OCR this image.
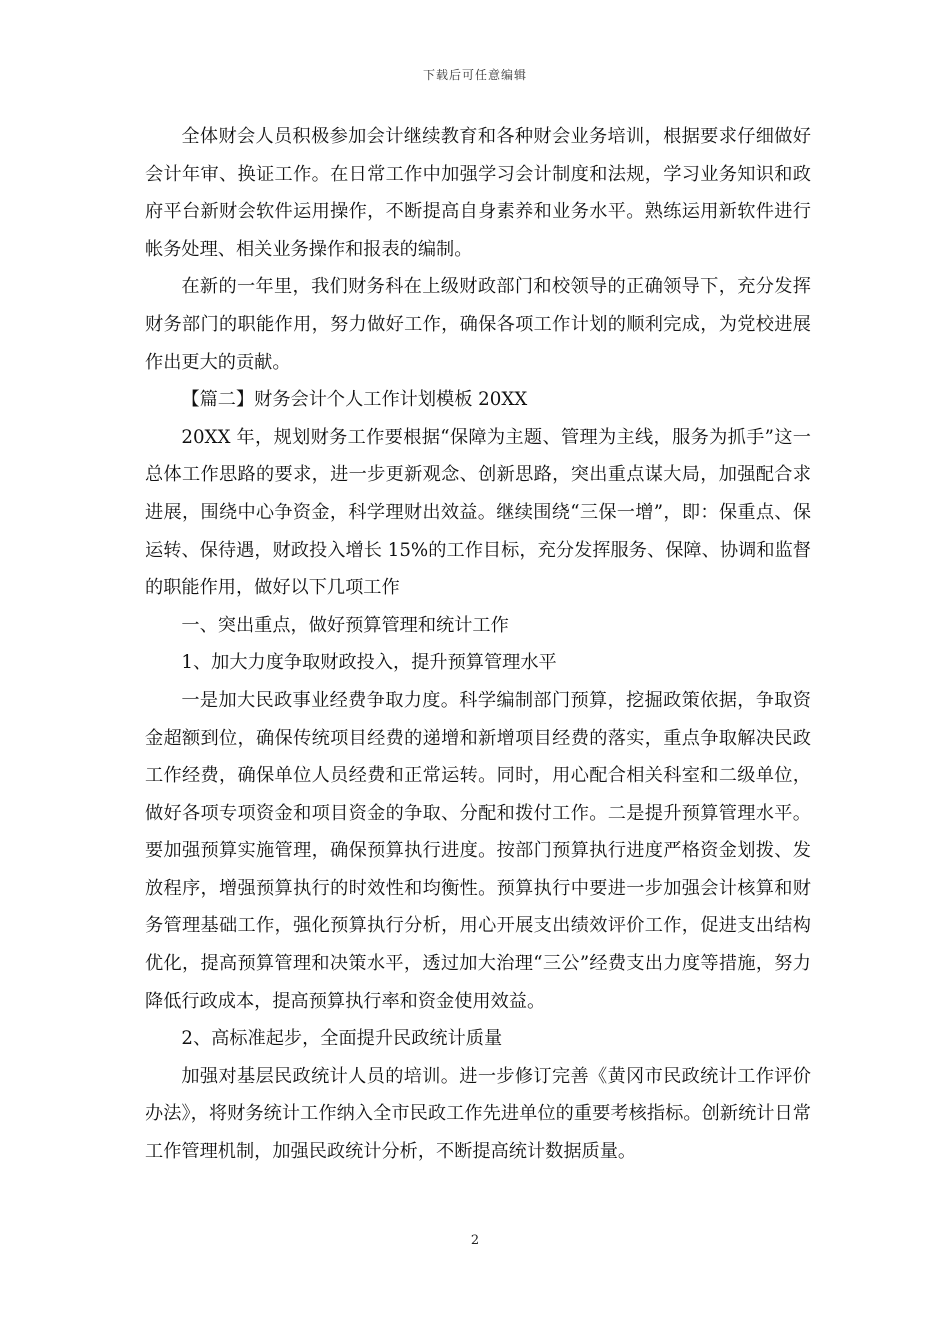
下载后可任意编辑

全体财会人员积极参加会计继续教育和各种财会业务培训，根据要求仔细做好会计年审、换证工作。在日常工作中加强学习会计制度和法规，学习业务知识和政府平台新财会软件运用操作，不断提高自身素养和业务水平。熟练运用新软件进行帐务处理、相关业务操作和报表的编制。

在新的一年里，我们财务科在上级财政部门和校领导的正确领导下，充分发挥财务部门的职能作用，努力做好工作，确保各项工作计划的顺利完成，为党校进展作出更大的贡献。

【篇二】财务会计个人工作计划模板 20XX

20XX 年，规划财务工作要根据“保障为主题、管理为主线，服务为抓手”这一总体工作思路的要求，进一步更新观念、创新思路，突出重点谋大局，加强配合求进展，围绕中心争资金，科学理财出效益。继续围绕“三保一增”，即：保重点、保运转、保待遇，财政投入增长 15%的工作目标，充分发挥服务、保障、协调和监督的职能作用，做好以下几项工作

一、突出重点，做好预算管理和统计工作

1、加大力度争取财政投入，提升预算管理水平

一是加大民政事业经费争取力度。科学编制部门预算，挖掘政策依据，争取资金超额到位，确保传统项目经费的递增和新增项目经费的落实，重点争取解决民政工作经费，确保单位人员经费和正常运转。同时，用心配合相关科室和二级单位，做好各项专项资金和项目资金的争取、分配和拨付工作。二是提升预算管理水平。要加强预算实施管理，确保预算执行进度。按部门预算执行进度严格资金划拨、发放程序，增强预算执行的时效性和均衡性。预算执行中要进一步加强会计核算和财务管理基础工作，强化预算执行分析，用心开展支出绩效评价工作，促进支出结构优化，提高预算管理和决策水平，透过加大治理“三公”经费支出力度等措施，努力降低行政成本，提高预算执行率和资金使用效益。

2、高标准起步，全面提升民政统计质量

加强对基层民政统计人员的培训。进一步修订完善《黄冈市民政统计工作评价办法》，将财务统计工作纳入全市民政工作先进单位的重要考核指标。创新统计日常工作管理机制，加强民政统计分析，不断提高统计数据质量。

2
